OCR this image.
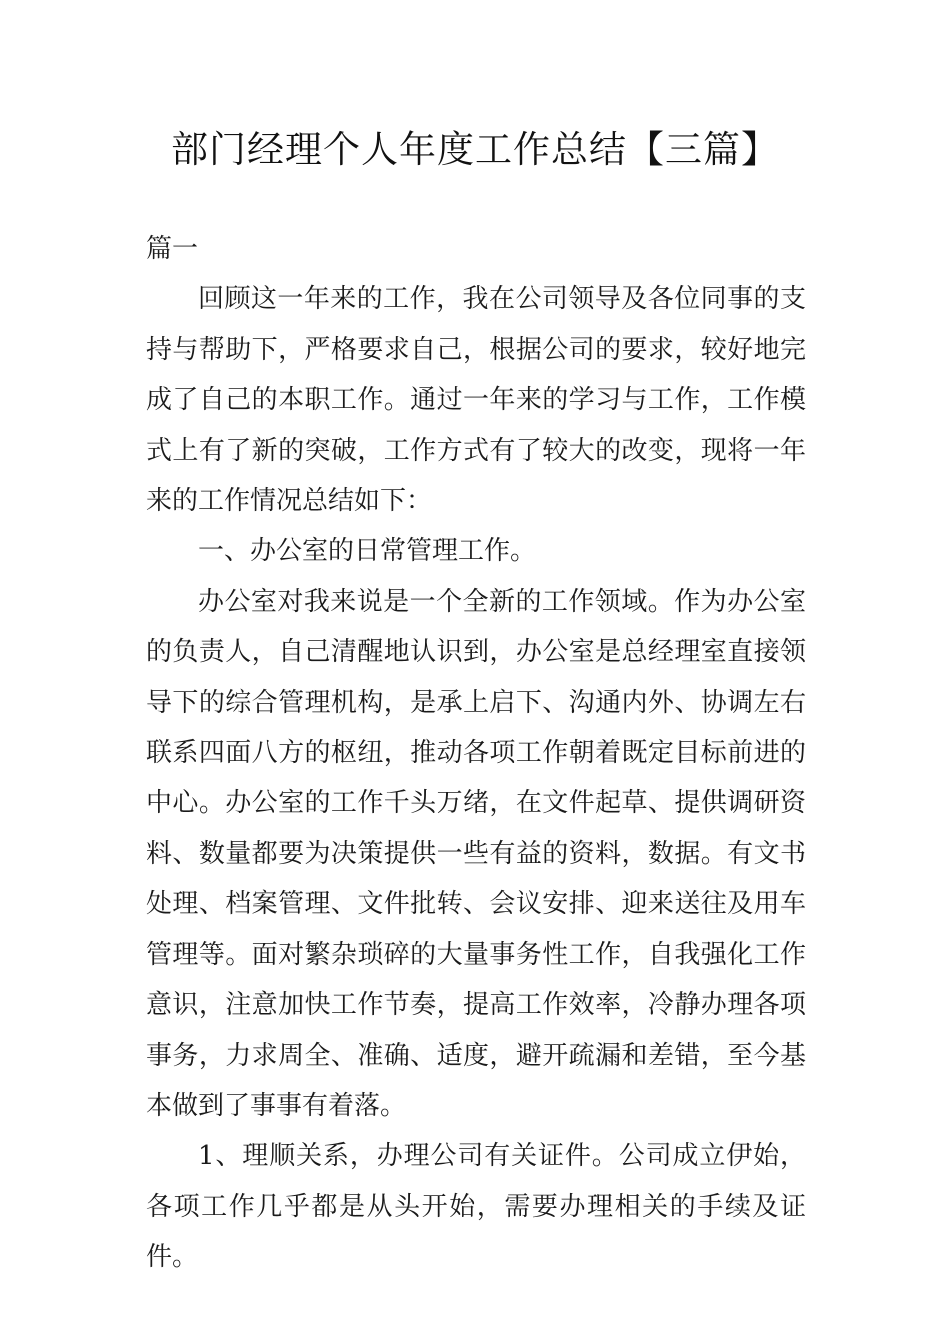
部门经理个人年度工作总结【三篇】

篇一

回顾这一年来的工作，我在公司领导及各位同事的支持与帮助下，严格要求自己，根据公司的要求，较好地完成了自己的本职工作。通过一年来的学习与工作，工作模式上有了新的突破，工作方式有了较大的改变，现将一年来的工作情况总结如下：

一、办公室的日常管理工作。

办公室对我来说是一个全新的工作领域。作为办公室的负责人，自己清醒地认识到，办公室是总经理室直接领导下的综合管理机构，是承上启下、沟通内外、协调左右联系四面八方的枢纽，推动各项工作朝着既定目标前进的中心。办公室的工作千头万绪，在文件起草、提供调研资料、数量都要为决策提供一些有益的资料，数据。有文书处理、档案管理、文件批转、会议安排、迎来送往及用车管理等。面对繁杂琐碎的大量事务性工作，自我强化工作意识，注意加快工作节奏，提高工作效率，冷静办理各项事务，力求周全、准确、适度，避开疏漏和差错，至今基本做到了事事有着落。

1、理顺关系，办理公司有关证件。公司成立伊始，各项工作几乎都是从头开始，需要办理相关的手续及证件。
